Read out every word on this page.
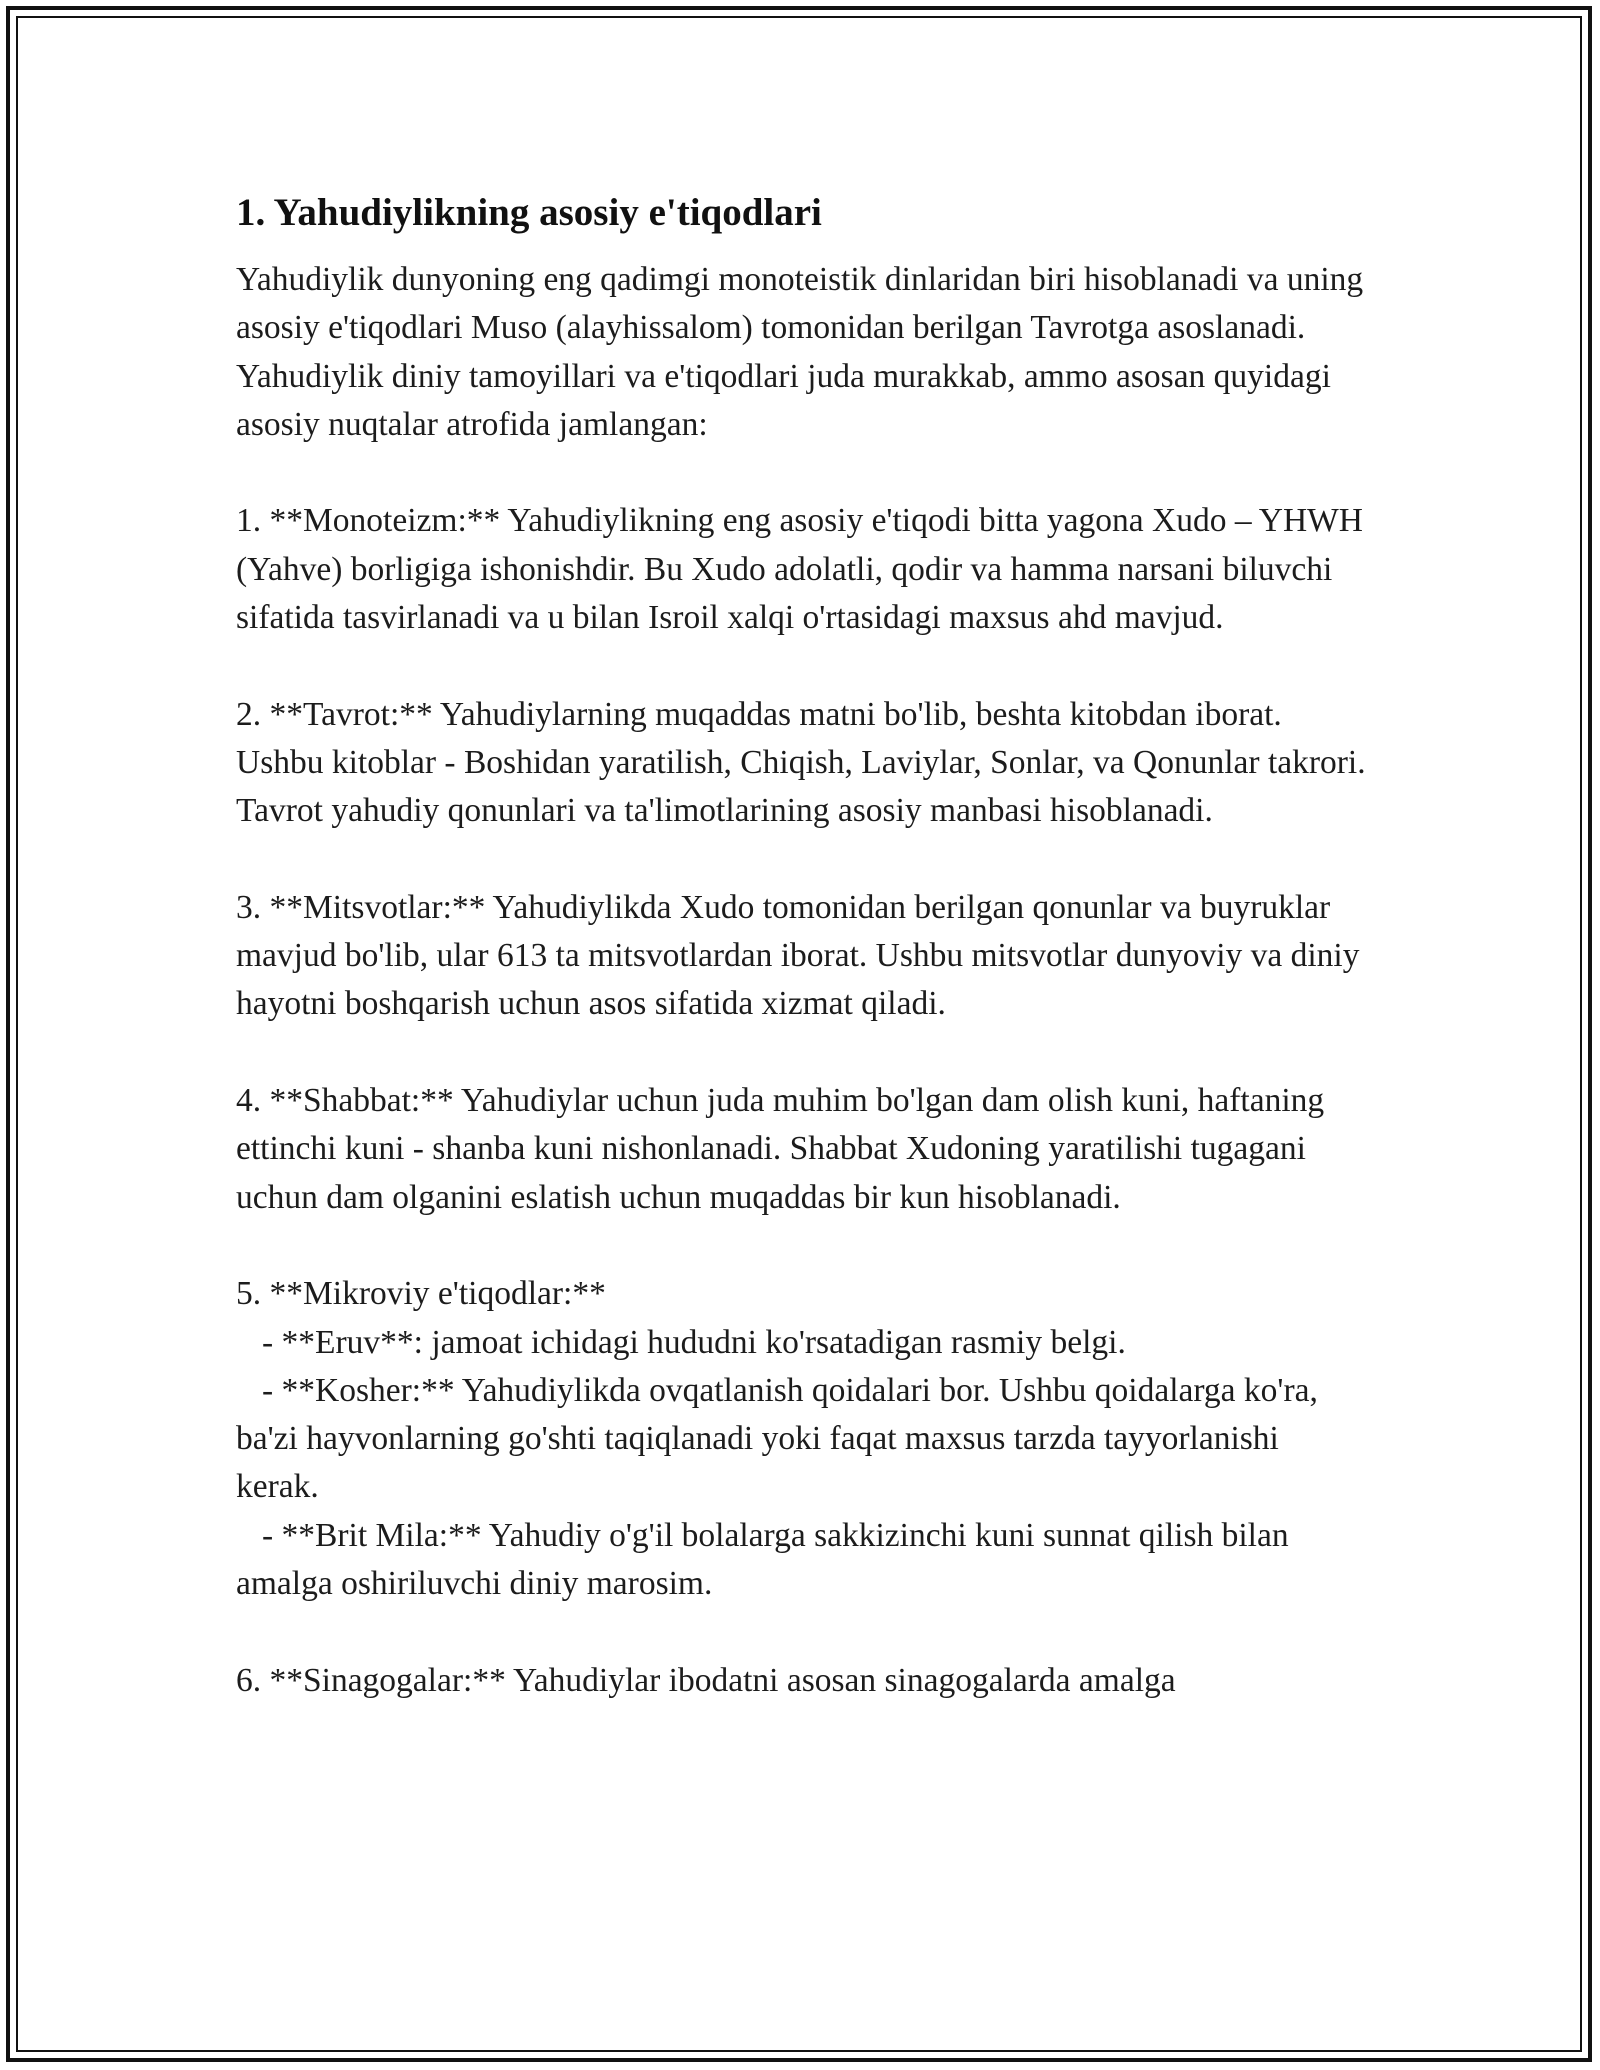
1. Yahudiylikning asosiy e'tiqodlari

Yahudiylik dunyoning eng qadimgi monoteistik dinlaridan biri hisoblanadi va uning asosiy e'tiqodlari Muso (alayhissalom) tomonidan berilgan Tavrotga asoslanadi. Yahudiylik diniy tamoyillari va e'tiqodlari juda murakkab, ammo asosan quyidagi asosiy nuqtalar atrofida jamlangan:

1. **Monoteizm:** Yahudiylikning eng asosiy e'tiqodi bitta yagona Xudo – YHWH (Yahve) borligiga ishonishdir. Bu Xudo adolatli, qodir va hamma narsani biluvchi sifatida tasvirlanadi va u bilan Isroil xalqi o'rtasidagi maxsus ahd mavjud.

2. **Tavrot:** Yahudiylarning muqaddas matni bo'lib, beshta kitobdan iborat. Ushbu kitoblar - Boshidan yaratilish, Chiqish, Laviylar, Sonlar, va Qonunlar takrori. Tavrot yahudiy qonunlari va ta'limotlarining asosiy manbasi hisoblanadi.

3. **Mitsvotlar:** Yahudiylikda Xudo tomonidan berilgan qonunlar va buyruklar mavjud bo'lib, ular 613 ta mitsvotlardan iborat. Ushbu mitsvotlar dunyoviy va diniy hayotni boshqarish uchun asos sifatida xizmat qiladi.

4. **Shabbat:** Yahudiylar uchun juda muhim bo'lgan dam olish kuni, haftaning ettinchi kuni - shanba kuni nishonlanadi. Shabbat Xudoning yaratilishi tugagani uchun dam olganini eslatish uchun muqaddas bir kun hisoblanadi.

5. **Mikroviy e'tiqodlar:**

- **Eruv**: jamoat ichidagi hududni ko'rsatadigan rasmiy belgi.

- **Kosher:** Yahudiylikda ovqatlanish qoidalari bor. Ushbu qoidalarga ko'ra, ba'zi hayvonlarning go'shti taqiqlanadi yoki faqat maxsus tarzda tayyorlanishi kerak.

- **Brit Mila:** Yahudiy o'g'il bolalarga sakkizinchi kuni sunnat qilish bilan amalga oshiriluvchi diniy marosim.

6. **Sinagogalar:** Yahudiylar ibodatni asosan sinagogalarda amalga
